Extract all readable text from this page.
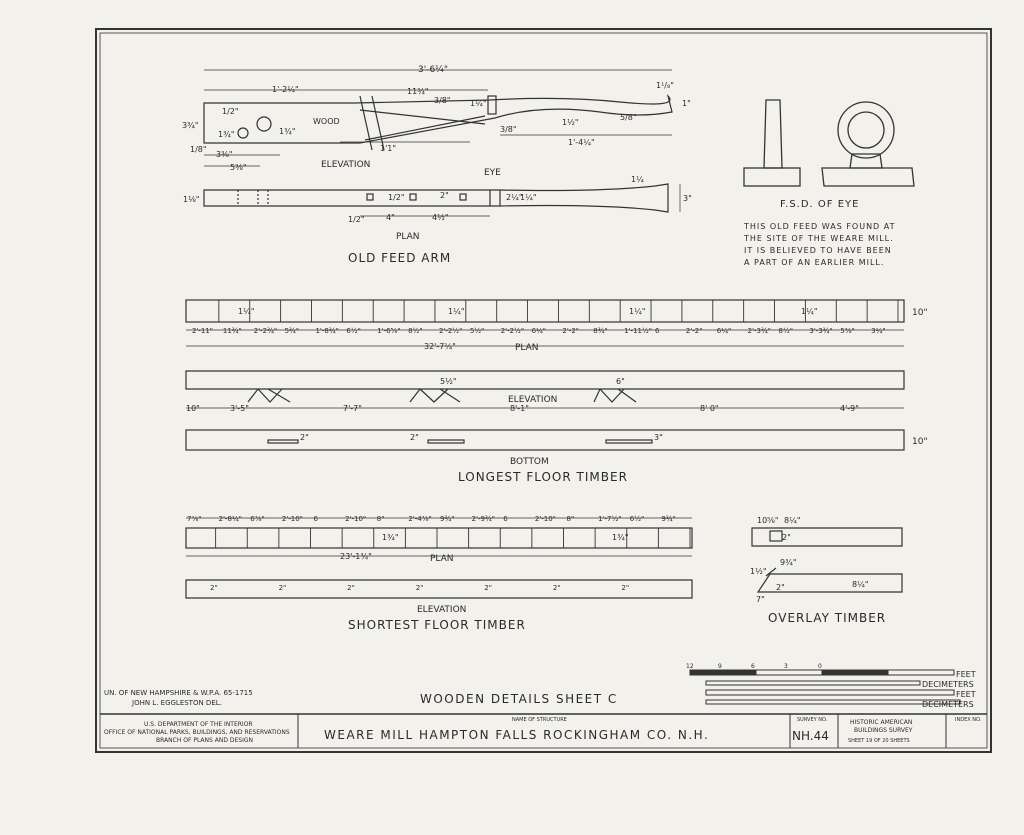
3'-6¼"
1'-2¼"	11¾"
3/8" 1¼"	1"
1¹/₈"
3/8"
1½"
5/8"
1'-4¼"
1'1"
3¾"
1¾"	1¾"
1/2"
3⅜"
5⅜"
1/8"
WOOD
ELEVATION
EYE
1⅛"	1/2"	2"
4"	4½"
2¼"
1¼"
1¼
3"
1/2"
PLAN
OLD FEED ARM
F.S.D. OF EYE
THIS OLD FEED WAS FOUND AT
THE SITE OF THE WEARE MILL.
IT IS BELIEVED TO HAVE BEEN
A PART OF AN EARLIER MILL.
2'-11" 11¾" 2'-2¾" 5¾" 1'-8¾" 6½" 1'-6⅝" 8½" 2'-2½" 5½" 2'-2½" 6¼" 2'-2" 8¾" 1'-11½" 6	2'-2" 6¼" 2'-3¾" 8½" 3'-3¾" 5⅜" 3¼"
1¼"	1¼"	1¼"	1¼"
32'-7¼"	PLAN
10"
10"	3'-5"	7'-7"	8'-1"	8' 0"	4'-9"
5½"	6"
ELEVATION
2"	2"	3"	10"
BOTTOM
LONGEST FLOOR TIMBER
7⅞" 2'-8¼" 6⅞" 2'-10" 6	2'-10" 8"	2'-4⅞" 9¾" 2'-9¾" 6	2'-10" 8"	1'-7½" 6½" 9¾"
1¾"	1¾"
23'-1¾"	PLAN
2"	2"	2"	2"	2"	2"	2"
ELEVATION
SHORTEST FLOOR TIMBER
10⅝" 8¼"
2"
9¾"
1½"
2"	8¼"
7"
OVERLAY TIMBER
12	9	6	3	0
FEET
DECIMETERS
FEET
DECIMETERS
UN. OF NEW HAMPSHIRE & W.P.A. 65-1715
JOHN L. EGGLESTON DEL.	WOODEN DETAILS SHEET C
U.S. DEPARTMENT OF THE INTERIOR
OFFICE OF NATIONAL PARKS, BUILDINGS, AND RESERVATIONS
BRANCH OF PLANS AND DESIGN
NAME OF STRUCTURE
WEARE MILL HAMPTON FALLS ROCKINGHAM CO. N.H.
SURVEY NO.
NH.44
HISTORIC AMERICAN
BUILDINGS SURVEY
SHEET 19 OF 20 SHEETS
INDEX NO.
